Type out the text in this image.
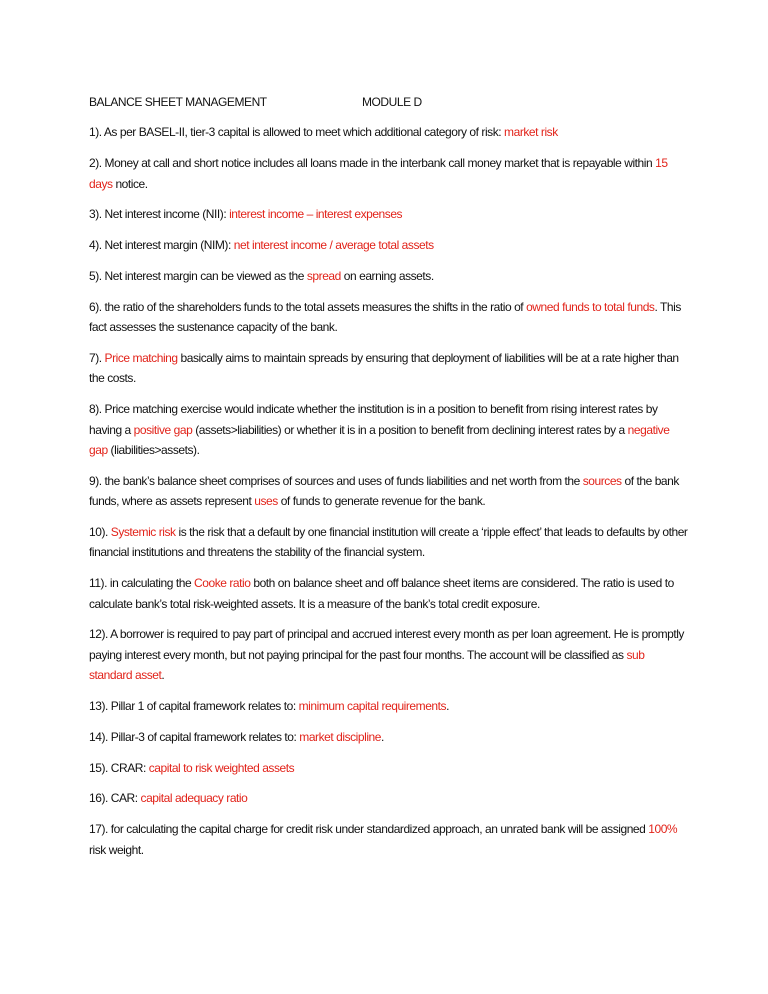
BALANCE SHEET MANAGEMENT	MODULE D

1). As per BASEL-II, tier-3 capital is allowed to meet which additional category of risk: market risk

2). Money at call and short notice includes all loans made in the interbank call money market that is repayable within 15 days notice.

3). Net interest income (NII): interest income – interest expenses

4). Net interest margin (NIM): net interest income / average total assets

5). Net interest margin can be viewed as the spread on earning assets.

6). the ratio of the shareholders funds to the total assets measures the shifts in the ratio of owned funds to total funds. This fact assesses the sustenance capacity of the bank.

7). Price matching basically aims to maintain spreads by ensuring that deployment of liabilities will be at a rate higher than the costs.

8). Price matching exercise would indicate whether the institution is in a position to benefit from rising interest rates by having a positive gap (assets>liabilities) or whether it is in a position to benefit from declining interest rates by a negative gap (liabilities>assets).

9). the bank’s balance sheet comprises of sources and uses of funds liabilities and net worth from the sources of the bank funds, where as assets represent uses of funds to generate revenue for the bank.

10). Systemic risk is the risk that a default by one financial institution will create a ‘ripple effect’ that leads to defaults by other financial institutions and threatens the stability of the financial system.

11). in calculating the Cooke ratio both on balance sheet and off balance sheet items are considered. The ratio is used to calculate bank’s total risk-weighted assets. It is a measure of the bank’s total credit exposure.

12). A borrower is required to pay part of principal and accrued interest every month as per loan agreement. He is promptly paying interest every month, but not paying principal for the past four months. The account will be classified as sub standard asset.

13). Pillar 1 of capital framework relates to: minimum capital requirements.

14). Pillar-3 of capital framework relates to: market discipline.

15). CRAR: capital to risk weighted assets

16). CAR: capital adequacy ratio

17). for calculating the capital charge for credit risk under standardized approach, an unrated bank will be assigned 100% risk weight.
